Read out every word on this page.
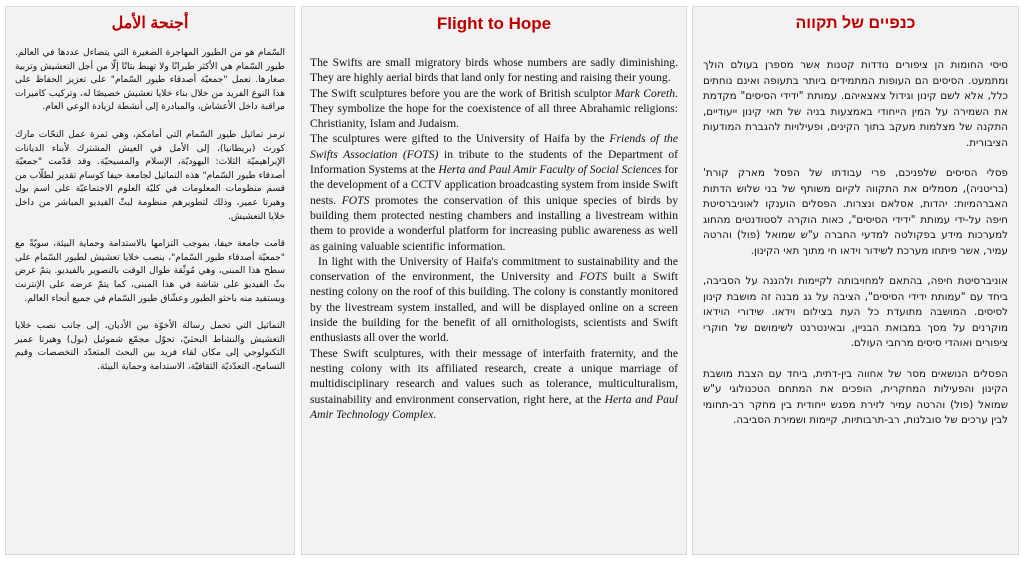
أجنحة الأمل

السّمام هو من الطيور المهاجرة الصغيرة التي يتضاءل عددها في العالم. طيور السّمام هي الأكثر طيرانًا ولا تهبط بتاتًا إلّا من أجل التعشيش وتربية صغارها. تعمل "جمعيّة أصدقاء طيور السّمام" على تعزيز الحفاظ على هذا النوع الفريد من خلال بناء خلايا تعشيش خصيصًا له، وتركيب كاميرات مراقبة داخل الأعشاش، والمبادرة إلى أنشطة لزيادة الوعي العام.

ترمز تماثيل طيور السّمام التي أمامكم، وهي ثمرة عمل النحّات مارك كورث (بريطانيا)، إلى الأمل في العيش المشترك لأبناء الديانات الإبراهيميّة الثلاث: اليهوديّة، الإسلام والمسيحيّة. وقد قدّمت "جمعيّة أصدقاء طيور السّمام" هذه التماثيل لجامعة حيفا كوسام تقدير لطلّاب من قسم منظومات المعلومات في كليّة العلوم الاجتماعيّة على اسم بول وهيرتا عمير، وذلك لتطويرهم منظومة لبثّ الفيديو المباشر من داخل خلايا التعشيش.

قامت جامعة حيفا، بموجب التزامها بالاستدامة وحماية البيئة، سويّةً مع "جمعيّة أصدقاء طيور السّمام"، بنصب خلايا تعشيش لطيور السّمام على سطح هذا المبنى، وهي مُوثّقة طوال الوقت بالتصوير بالفيديو. يتمّ عرض بثّ الفيديو على شاشة في هذا المبنى، كما يتمّ عرضه على الإنترنت ويستفيد منه باحثو الطيور وعشّاق طيور السّمام في جميع أنحاء العالم.

التماثيل التي تحمل رسالة الأخوّة بين الأديان، إلى جانب نصب خلايا التعشيش والنشاط البحثيّ، تحوّل مجمّع شموئيل (بول) وهيرتا عمير التكنولوجي إلى مكان لقاء فريد بين البحث المتعدّد التخصصات وقيم التسامح، التعدّديّة الثقافيّة، الاستدامة وحماية البيئة.

Flight to Hope

The Swifts are small migratory birds whose numbers are sadly diminishing. They are highly aerial birds that land only for nesting and raising their young.

The Swift sculptures before you are the work of British sculptor Mark Coreth. They symbolize the hope for the coexistence of all three Abrahamic religions: Christianity, Islam and Judaism.

The sculptures were gifted to the University of Haifa by the Friends of the Swifts Association (FOTS) in tribute to the students of the Department of Information Systems at the Herta and Paul Amir Faculty of Social Sciences for the development of a CCTV application broadcasting system from inside Swift nests. FOTS promotes the conservation of this unique species of birds by building them protected nesting chambers and installing a livestream within them to provide a wonderful platform for increasing public awareness as well as gaining valuable scientific information.

In light with the University of Haifa's commitment to sustainability and the conservation of the environment, the University and FOTS built a Swift nesting colony on the roof of this building. The colony is constantly monitored by the livestream system installed, and will be displayed online on a screen inside the building for the benefit of all ornithologists, scientists and Swift enthusiasts all over the world.

These Swift sculptures, with their message of interfaith fraternity, and the nesting colony with its affiliated research, create a unique marriage of multidisciplinary research and values such as tolerance, multiculturalism, sustainability and environment conservation, right here, at the Herta and Paul Amir Technology Complex.

כנפיים של תקווה

סיסי החומות הן ציפורים נודדות קטנות אשר מספרן בעולם הולך ומתמעט. הסיסים הם העופות המתמידים ביותר בתעופה ואינם נוחתים כלל, אלא לשם קינון וגידול צאצאיהם. עמותת "ידידי הסיסים" מקדמת את השמירה על המין הייחודי באמצעות בניה של תאי קינון ייעודיים, התקנה של מצלמות מעקב בתוך הקינים, ופעילויות להגברת המודעות הציבורית.

פסלי הסיסים שלפניכם, פרי עבודתו של הפסל מארק קורת' (בריטניה), מסמלים את התקווה לקיום משותף של בני שלוש הדתות האברהמיות: יהדות, אסלאם ונצרות. הפסלים הוענקו לאוניברסיטת חיפה על-ידי עמותת "ידידי הסיסים", כאות הוקרה לסטודנטים מהחוג למערכות מידע בפקולטה למדעי החברה ע"ש שמואל (פול) והרטה עמיר, אשר פיתחו מערכת לשידור וידאו חי מתוך תאי הקינון.

אוניברסיטת חיפה, בהתאם למחויבותה לקיימות ולהגנה על הסביבה, ביחד עם "עמותת ידידי הסיסים", הציבה על גג מבנה זה מושבת קינון לסיסים. המושבה מתועדת כל העת בצילום וידאו. שידורי הוידאו מוקרנים על מסך במבואת הבניין, ובאינטרנט לשימושם של חוקרי ציפורים ואוהדי סיסים מרחבי העולם.

הפסלים הנושאים מסר של אחווה בין-דתית, ביחד עם הצבת מושבת הקינון והפעילות המחקרית, הופכים את המתחם הטכנולוגי ע"ש שמואל (פול) והרטה עמיר לזירת מפגש ייחודית בין מחקר רב-תחומי לבין ערכים של סובלנות, רב-תרבותיות, קיימות ושמירת הסביבה.
